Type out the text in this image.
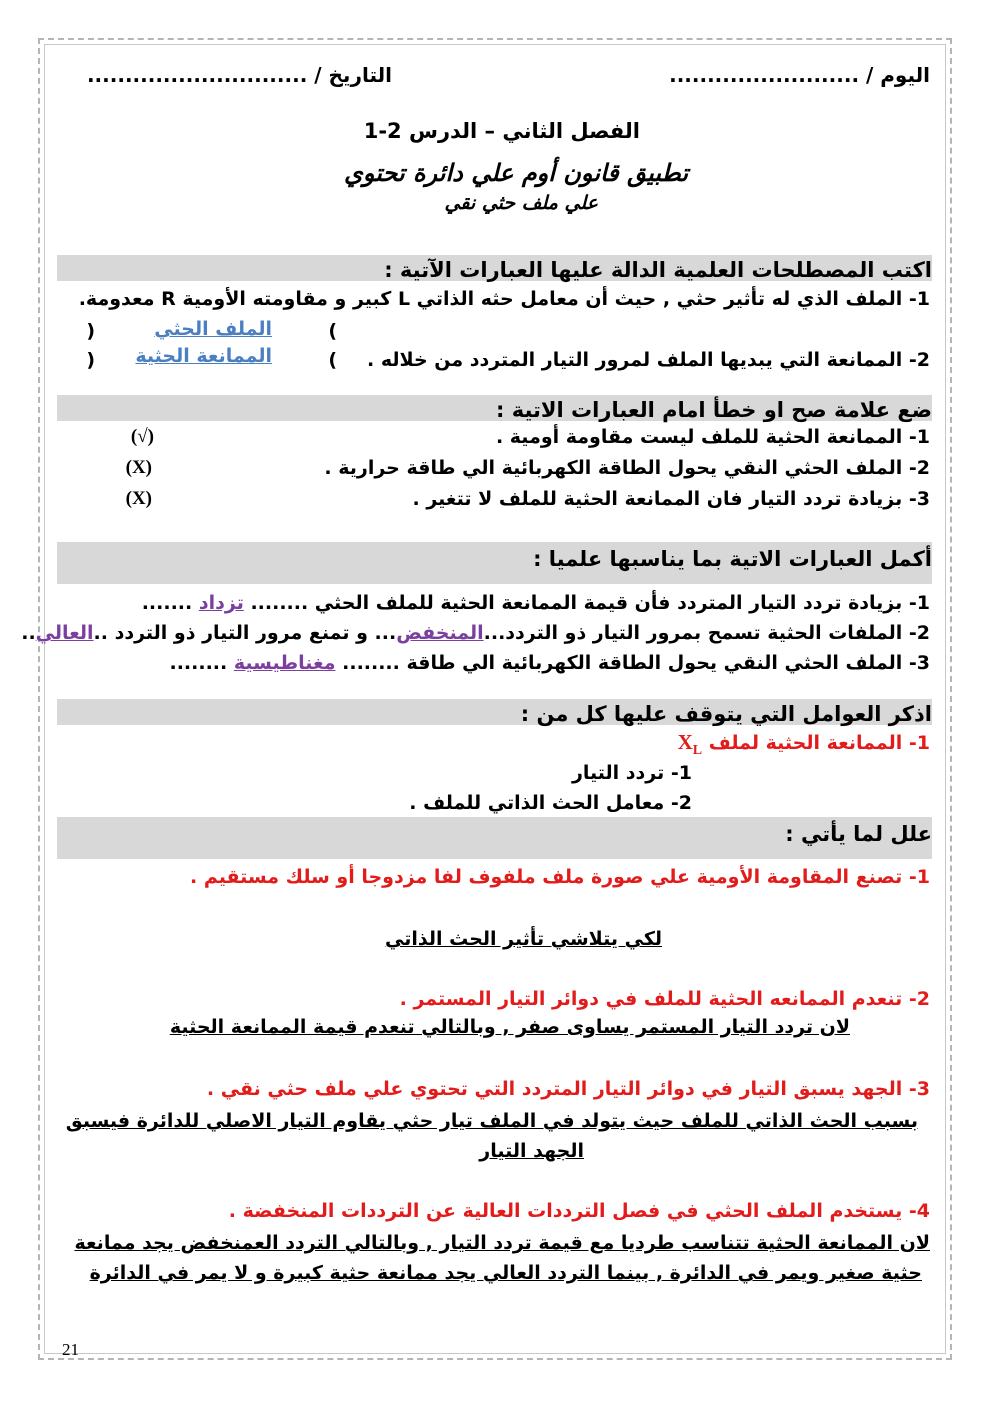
اليوم / .........................
التاريخ / .............................
الفصل الثاني – الدرس 2-1
تطبيق قانون أوم علي دائرة تحتوي
علي ملف حثي نقي
اكتب المصطلحات العلمية الدالة عليها العبارات الآتية :
1- الملف الذي له تأثير حثي , حيث أن معامل حثه الذاتي L كبير و مقاومته الأومية R معدومة.
)
الملف الحثي
(
2- الممانعة التي يبديها الملف لمرور التيار المتردد من خلاله .
)
الممانعة الحثية
(
ضع علامة صح او خطأ امام العبارات الاتية :
1- الممانعة الحثية للملف ليست مقاومة أومية .
(√)
2- الملف الحثي النقي يحول الطاقة الكهربائية الي طاقة حرارية .
(X)
3- بزيادة تردد التيار فان الممانعة الحثية للملف لا تتغير .
(X)
أكمل العبارات الاتية بما يناسبها علميا :
1- بزيادة تردد التيار المتردد فأن قيمة الممانعة الحثية للملف الحثي ........ تزداد .......
2- الملفات الحثية تسمح بمرور التيار ذو التردد...المنخفض... و تمنع مرور التيار ذو التردد ..العالي..
3- الملف الحثي النقي يحول الطاقة الكهربائية الي طاقة ........ مغناطيسية ........
اذكر العوامل التي يتوقف عليها كل من :
1- الممانعة الحثية لملف $X_L$
1- تردد التيار
2- معامل الحث الذاتي للملف .
علل لما يأتي :
1- تصنع المقاومة الأومية علي صورة ملف ملفوف لفا مزدوجا أو سلك مستقيم .
لكي يتلاشي تأثير الحث الذاتي
2- تنعدم الممانعه الحثية للملف في دوائر التيار المستمر .
لان تردد التيار المستمر يساوى صفر , وبالتالي تنعدم قيمة الممانعة الحثية
3- الجهد يسبق التيار في دوائر التيار المتردد التي تحتوي علي ملف حثي نقي .
بسبب الحث الذاتي للملف حيث يتولد في الملف تيار حثي يقاوم التيار الاصلي للدائرة فيسبق
الجهد التيار
4- يستخدم الملف الحثي في فصل الترددات العالية عن الترددات المنخفضة .
لان الممانعة الحثية تتناسب طرديا مع قيمة تردد التيار , وبالتالي التردد العمنخفض يجد ممانعة
حثية صغير ويمر في الدائرة , بينما التردد العالي يجد ممانعة حثية كبيرة و لا يمر في الدائرة
21
